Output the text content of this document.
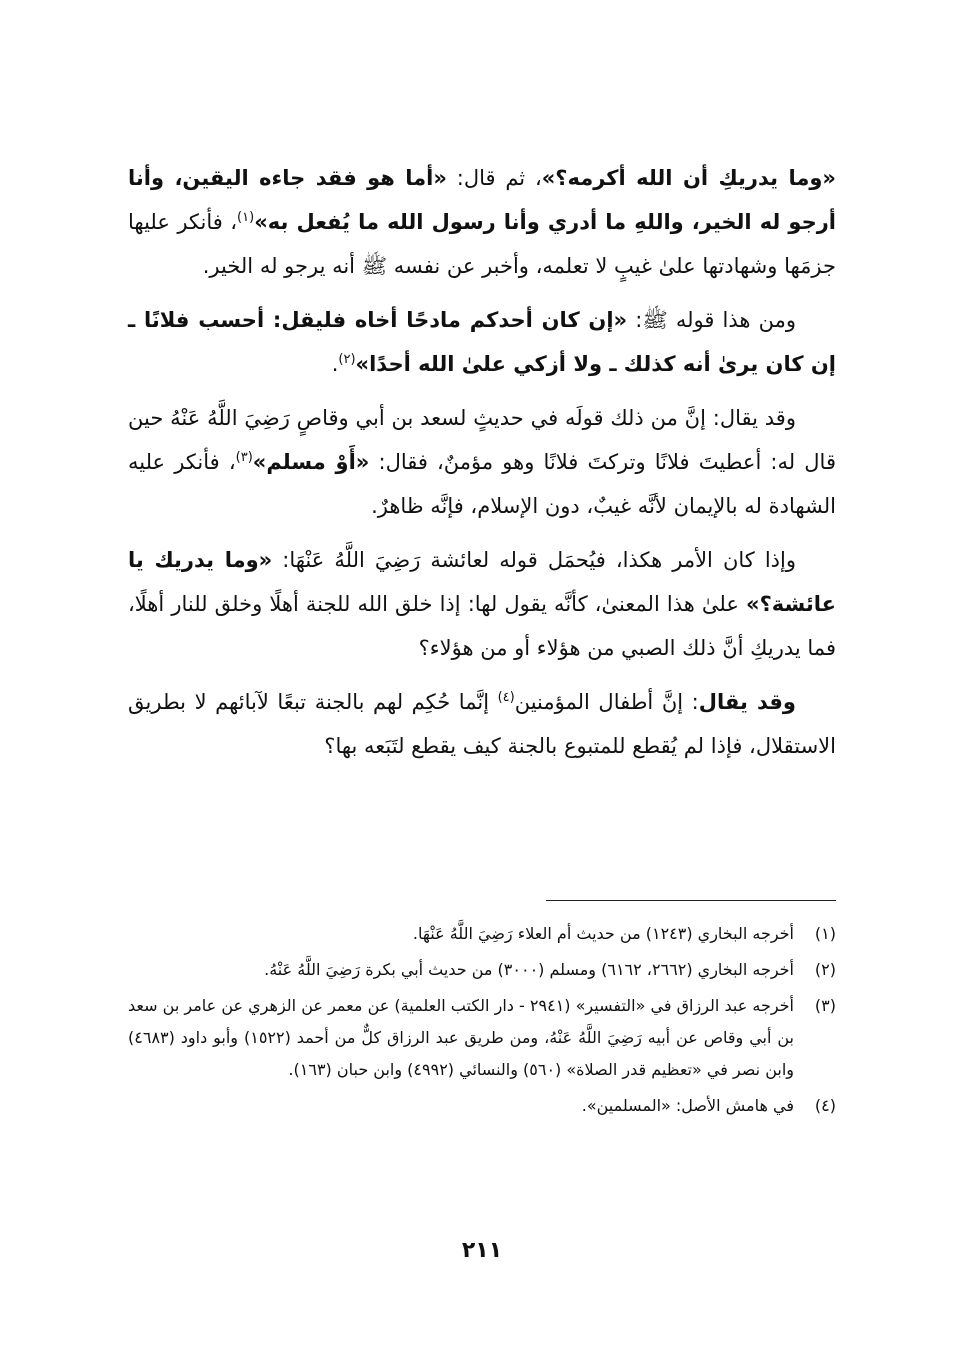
«وما يدريكِ أن الله أكرمه؟»، ثم قال: «أما هو فقد جاءه اليقين، وأنا أرجو له الخير، واللهِ ما أدري وأنا رسول الله ما يُفعل به»$^{(١)}$، فأنكر عليها جزمَها وشهادتها علىٰ غيبٍ لا تعلمه، وأخبر عن نفسه ﷺ أنه يرجو له الخير.

ومن هذا قوله ﷺ: «إن كان أحدكم مادحًا أخاه فليقل: أحسب فلانًا ـ إن كان يرىٰ أنه كذلك ـ ولا أزكي علىٰ الله أحدًا»$^{(٢)}$.

وقد يقال: إنَّ من ذلك قولَه في حديثٍ لسعد بن أبي وقاصٍ رَضِيَ اللَّهُ عَنْهُ حين قال له: أعطيتَ فلانًا وتركتَ فلانًا وهو مؤمنٌ، فقال: «أَوْ مسلم»$^{(٣)}$، فأنكر عليه الشهادة له بالإيمان لأنَّه غيبٌ، دون الإسلام، فإنَّه ظاهرٌ.

وإذا كان الأمر هكذا، فيُحمَل قوله لعائشة رَضِيَ اللَّهُ عَنْهَا: «وما يدريك يا عائشة؟» علىٰ هذا المعنىٰ، كأنَّه يقول لها: إذا خلق الله للجنة أهلًا وخلق للنار أهلًا، فما يدريكِ أنَّ ذلك الصبي من هؤلاء أو من هؤلاء؟

وقد يقال: إنَّ أطفال المؤمنين$^{(٤)}$ إنَّما حُكِم لهم بالجنة تبعًا لآبائهم لا بطريق الاستقلال، فإذا لم يُقطع للمتبوع بالجنة كيف يقطع لتَبَعه بها؟

(١)
أخرجه البخاري (١٢٤٣) من حديث أم العلاء رَضِيَ اللَّهُ عَنْهَا.
(٢)
أخرجه البخاري (٢٦٦٢، ٦١٦٢) ومسلم (٣٠٠٠) من حديث أبي بكرة رَضِيَ اللَّهُ عَنْهُ.
(٣)
أخرجه عبد الرزاق في «التفسير» (٢٩٤١ - دار الكتب العلمية) عن معمر عن الزهري عن عامر بن سعد بن أبي وقاص عن أبيه رَضِيَ اللَّهُ عَنْهُ، ومن طريق عبد الرزاق كلٌّ من أحمد (١٥٢٢) وأبو داود (٤٦٨٣) وابن نصر في «تعظيم قدر الصلاة» (٥٦٠) والنسائي (٤٩٩٢) وابن حبان (١٦٣).
(٤)
في هامش الأصل: «المسلمين».
٢١١
